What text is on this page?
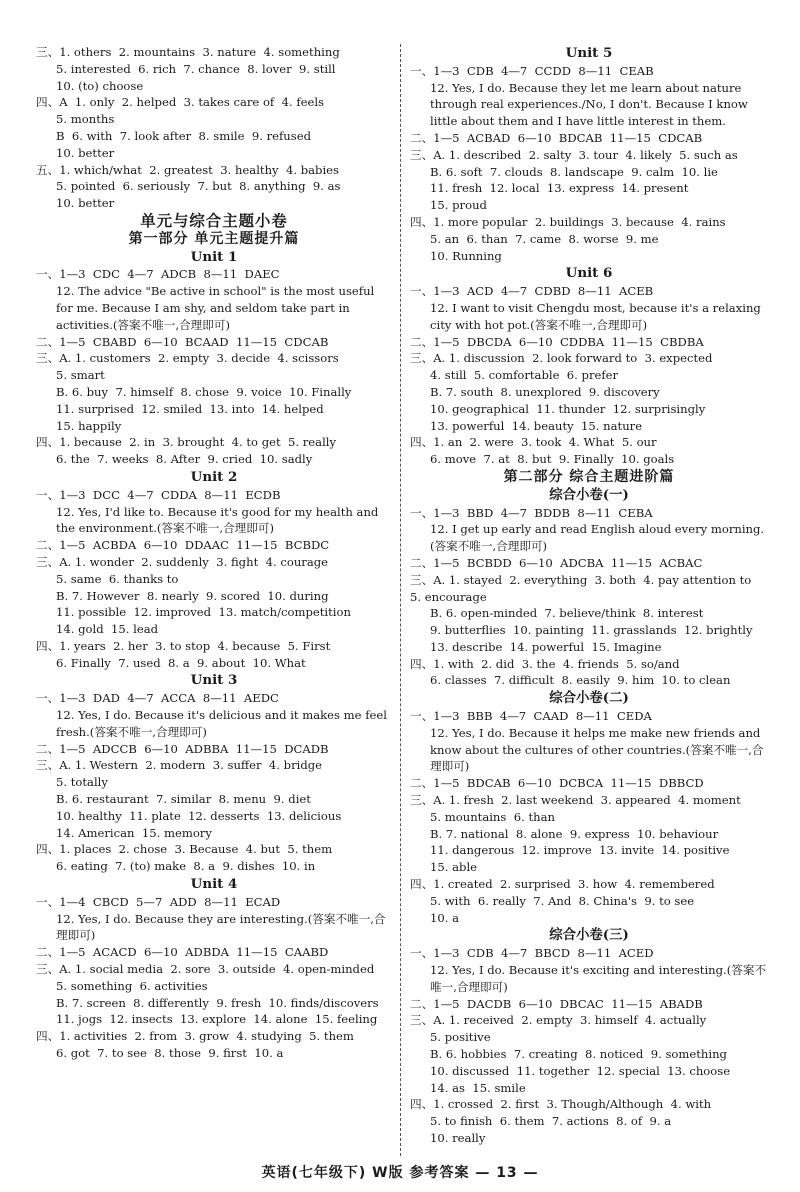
三、1. others  2. mountains  3. nature  4. something
5. interested  6. rich  7. chance  8. lover  9. still
10. (to) choose
四、A  1. only  2. helped  3. takes care of  4. feels
5. months
B  6. with  7. look after  8. smile  9. refused
10. better
五、1. which/what  2. greatest  3. healthy  4. babies
5. pointed  6. seriously  7. but  8. anything  9. as
10. better
单元与综合主题小卷
第一部分 单元主题提升篇
Unit 1
一、1—3  CDC  4—7  ADCB  8—11  DAEC
12. The advice "Be active in school" is the most useful for me. Because I am shy, and seldom take part in activities.(答案不唯一,合理即可)
二、1—5  CBABD  6—10  BCAAD  11—15  CDCAB
三、A. 1. customers  2. empty  3. decide  4. scissors
5. smart
B. 6. buy  7. himself  8. chose  9. voice  10. Finally
11. surprised  12. smiled  13. into  14. helped
15. happily
四、1. because  2. in  3. brought  4. to get  5. really
6. the  7. weeks  8. After  9. cried  10. sadly
Unit 2
一、1—3  DCC  4—7  CDDA  8—11  ECDB
12. Yes, I'd like to. Because it's good for my health and the environment.(答案不唯一,合理即可)
二、1—5  ACBDA  6—10  DDAAC  11—15  BCBDC
三、A. 1. wonder  2. suddenly  3. fight  4. courage
5. same  6. thanks to
B. 7. However  8. nearly  9. scored  10. during
11. possible  12. improved  13. match/competition
14. gold  15. lead
四、1. years  2. her  3. to stop  4. because  5. First
6. Finally  7. used  8. a  9. about  10. What
Unit 3
一、1—3  DAD  4—7  ACCA  8—11  AEDC
12. Yes, I do. Because it's delicious and it makes me feel fresh.(答案不唯一,合理即可)
二、1—5  ADCCB  6—10  ADBBA  11—15  DCADB
三、A. 1. Western  2. modern  3. suffer  4. bridge
5. totally
B. 6. restaurant  7. similar  8. menu  9. diet
10. healthy  11. plate  12. desserts  13. delicious
14. American  15. memory
四、1. places  2. chose  3. Because  4. but  5. them
6. eating  7. (to) make  8. a  9. dishes  10. in
Unit 4
一、1—4  CBCD  5—7  ADD  8—11  ECAD
12. Yes, I do. Because they are interesting.(答案不唯一,合理即可)
二、1—5  ACACD  6—10  ADBDA  11—15  CAABD
三、A. 1. social media  2. sore  3. outside  4. open-minded
5. something  6. activities
B. 7. screen  8. differently  9. fresh  10. finds/discovers  11. jogs  12. insects  13. explore  14. alone  15. feeling
四、1. activities  2. from  3. grow  4. studying  5. them
6. got  7. to see  8. those  9. first  10. a
Unit 5
一、1—3  CDB  4—7  CCDD  8—11  CEAB
12. Yes, I do. Because they let me learn about nature through real experiences./No, I don't. Because I know little about them and I have little interest in them.
二、1—5  ACBAD  6—10  BDCAB  11—15  CDCAB
三、A. 1. described  2. salty  3. tour  4. likely  5. such as
B. 6. soft  7. clouds  8. landscape  9. calm  10. lie
11. fresh  12. local  13. express  14. present
15. proud
四、1. more popular  2. buildings  3. because  4. rains
5. an  6. than  7. came  8. worse  9. me
10. Running
Unit 6
一、1—3  ACD  4—7  CDBD  8—11  ACEB
12. I want to visit Chengdu most, because it's a relaxing city with hot pot.(答案不唯一,合理即可)
二、1—5  DBCDA  6—10  CDDBA  11—15  CBDBA
三、A. 1. discussion  2. look forward to  3. expected
4. still  5. comfortable  6. prefer
B. 7. south  8. unexplored  9. discovery
10. geographical  11. thunder  12. surprisingly
13. powerful  14. beauty  15. nature
四、1. an  2. were  3. took  4. What  5. our
6. move  7. at  8. but  9. Finally  10. goals
第二部分 综合主题进阶篇
综合小卷(一)
一、1—3  BBD  4—7  BDDB  8—11  CEBA
12. I get up early and read English aloud every morning.(答案不唯一,合理即可)
二、1—5  BCBDD  6—10  ADCBA  11—15  ACBAC
三、A. 1. stayed  2. everything  3. both  4. pay attention to  5. encourage
B. 6. open-minded  7. believe/think  8. interest
9. butterflies  10. painting  11. grasslands  12. brightly
13. describe  14. powerful  15. Imagine
四、1. with  2. did  3. the  4. friends  5. so/and
6. classes  7. difficult  8. easily  9. him  10. to clean
综合小卷(二)
一、1—3  BBB  4—7  CAAD  8—11  CEDA
12. Yes, I do. Because it helps me make new friends and know about the cultures of other countries.(答案不唯一,合理即可)
二、1—5  BDCAB  6—10  DCBCA  11—15  DBBCD
三、A. 1. fresh  2. last weekend  3. appeared  4. moment
5. mountains  6. than
B. 7. national  8. alone  9. express  10. behaviour
11. dangerous  12. improve  13. invite  14. positive
15. able
四、1. created  2. surprised  3. how  4. remembered
5. with  6. really  7. And  8. China's  9. to see
10. a
综合小卷(三)
一、1—3  CDB  4—7  BBCD  8—11  ACED
12. Yes, I do. Because it's exciting and interesting.(答案不唯一,合理即可)
二、1—5  DACDB  6—10  DBCAC  11—15  ABADB
三、A. 1. received  2. empty  3. himself  4. actually
5. positive
B. 6. hobbies  7. creating  8. noticed  9. something
10. discussed  11. together  12. special  13. choose
14. as  15. smile
四、1. crossed  2. first  3. Though/Although  4. with
5. to finish  6. them  7. actions  8. of  9. a
10. really
英语(七年级下) W版 参考答案 — 13 —
